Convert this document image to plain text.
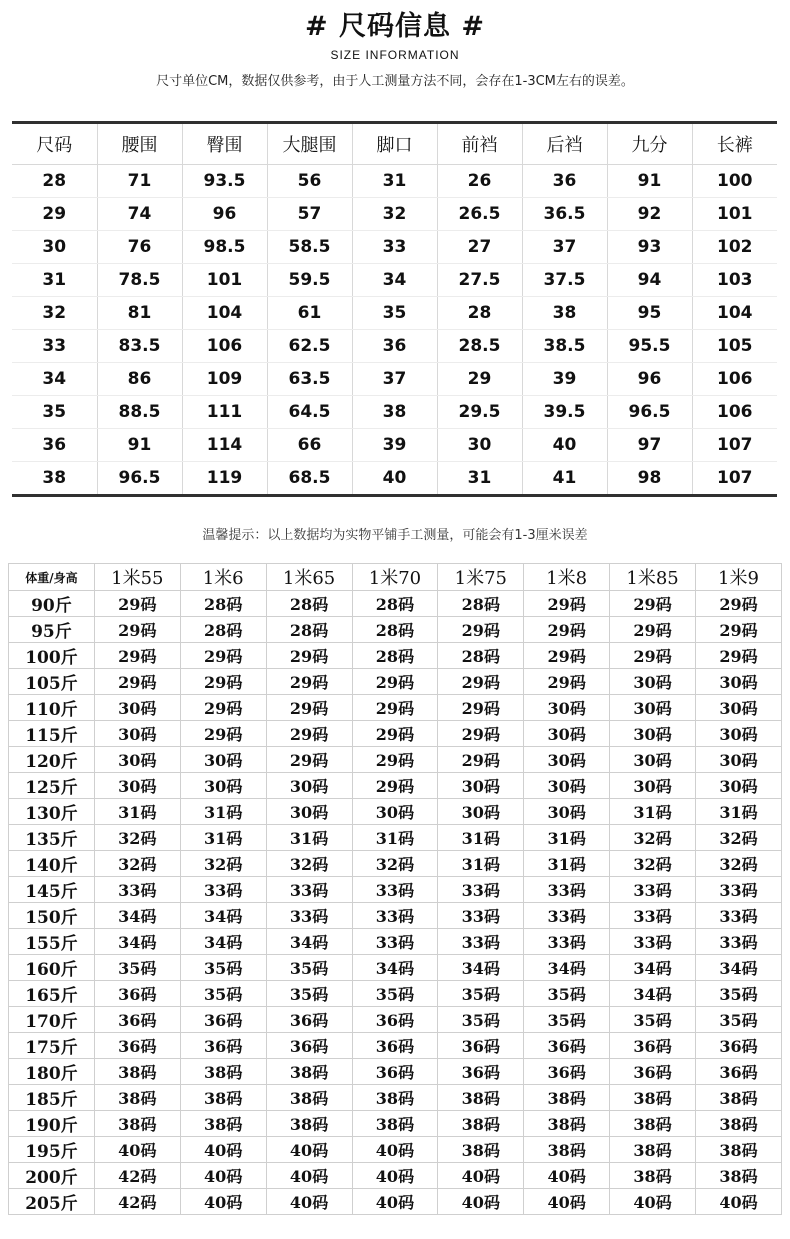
# 尺码信息 #
SIZE INFORMATION
尺寸单位CM，数据仅供参考，由于人工测量方法不同，会存在1-3CM左右的误差。
尺码	腰围	臀围	大腿围	脚口	前裆	后裆	九分	长裤
28	71	93.5	56	31	26	36	91	100
29	74	96	57	32	26.5	36.5	92	101
30	76	98.5	58.5	33	27	37	93	102
31	78.5	101	59.5	34	27.5	37.5	94	103
32	81	104	61	35	28	38	95	104
33	83.5	106	62.5	36	28.5	38.5	95.5	105
34	86	109	63.5	37	29	39	96	106
35	88.5	111	64.5	38	29.5	39.5	96.5	106
36	91	114	66	39	30	40	97	107
38	96.5	119	68.5	40	31	41	98	107
温馨提示：以上数据均为实物平铺手工测量，可能会有1-3厘米误差
体重/身高	1米55	1米6	1米65	1米70	1米75	1米8	1米85	1米9
90斤	29码	28码	28码	28码	28码	29码	29码	29码
95斤	29码	28码	28码	28码	29码	29码	29码	29码
100斤	29码	29码	29码	28码	28码	29码	29码	29码
105斤	29码	29码	29码	29码	29码	29码	30码	30码
110斤	30码	29码	29码	29码	29码	30码	30码	30码
115斤	30码	29码	29码	29码	29码	30码	30码	30码
120斤	30码	30码	29码	29码	29码	30码	30码	30码
125斤	30码	30码	30码	29码	30码	30码	30码	30码
130斤	31码	31码	30码	30码	30码	30码	31码	31码
135斤	32码	31码	31码	31码	31码	31码	32码	32码
140斤	32码	32码	32码	32码	31码	31码	32码	32码
145斤	33码	33码	33码	33码	33码	33码	33码	33码
150斤	34码	34码	33码	33码	33码	33码	33码	33码
155斤	34码	34码	34码	33码	33码	33码	33码	33码
160斤	35码	35码	35码	34码	34码	34码	34码	34码
165斤	36码	35码	35码	35码	35码	35码	34码	35码
170斤	36码	36码	36码	36码	35码	35码	35码	35码
175斤	36码	36码	36码	36码	36码	36码	36码	36码
180斤	38码	38码	38码	36码	36码	36码	36码	36码
185斤	38码	38码	38码	38码	38码	38码	38码	38码
190斤	38码	38码	38码	38码	38码	38码	38码	38码
195斤	40码	40码	40码	40码	38码	38码	38码	38码
200斤	42码	40码	40码	40码	40码	40码	38码	38码
205斤	42码	40码	40码	40码	40码	40码	40码	40码
